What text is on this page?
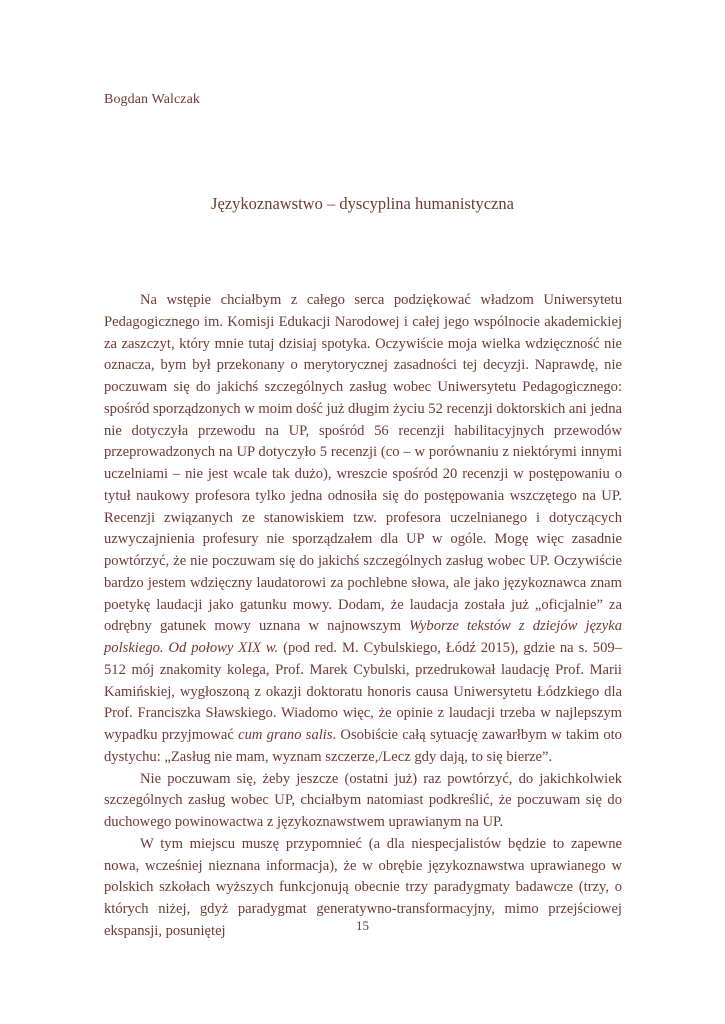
Bogdan Walczak
Językoznawstwo – dyscyplina humanistyczna

Na wstępie chciałbym z całego serca podziękować władzom Uniwersytetu Pedagogicznego im. Komisji Edukacji Narodowej i całej jego wspólnocie akademickiej za zaszczyt, który mnie tutaj dzisiaj spotyka. Oczywiście moja wielka wdzięczność nie oznacza, bym był przekonany o merytorycznej zasadności tej decyzji. Naprawdę, nie poczuwam się do jakichś szczególnych zasług wobec Uniwersytetu Pedagogicznego: spośród sporządzonych w moim dość już długim życiu 52 recenzji doktorskich ani jedna nie dotyczyła przewodu na UP, spośród 56 recenzji habilitacyjnych przewodów przeprowadzonych na UP dotyczyło 5 recenzji (co – w porównaniu z niektórymi innymi uczelniami – nie jest wcale tak dużo), wreszcie spośród 20 recenzji w postępowaniu o tytuł naukowy profesora tylko jedna odnosiła się do postępowania wszczętego na UP. Recenzji związanych ze stanowiskiem tzw. profesora uczelnianego i dotyczących uzwyczajnienia profesury nie sporządzałem dla UP w ogóle. Mogę więc zasadnie powtórzyć, że nie poczuwam się do jakichś szczególnych zasług wobec UP. Oczywiście bardzo jestem wdzięczny laudatorowi za pochlebne słowa, ale jako językoznawca znam poetykę laudacji jako gatunku mowy. Dodam, że laudacja została już „oficjalnie” za odrębny gatunek mowy uznana w najnowszym Wyborze tekstów z dziejów języka polskiego. Od połowy XIX w. (pod red. M. Cybulskiego, Łódź 2015), gdzie na s. 509–512 mój znakomity kolega, Prof. Marek Cybulski, przedrukował laudację Prof. Marii Kamińskiej, wygłoszoną z okazji doktoratu honoris causa Uniwersytetu Łódzkiego dla Prof. Franciszka Sławskiego. Wiadomo więc, że opinie z laudacji trzeba w najlepszym wypadku przyjmować cum grano salis. Osobiście całą sytuację zawarłbym w takim oto dystychu: „Zasług nie mam, wyznam szczerze,/Lecz gdy dają, to się bierze”.

Nie poczuwam się, żeby jeszcze (ostatni już) raz powtórzyć, do jakichkolwiek szczególnych zasług wobec UP, chciałbym natomiast podkreślić, że poczuwam się do duchowego powinowactwa z językoznawstwem uprawianym na UP.

W tym miejscu muszę przypomnieć (a dla niespecjalistów będzie to zapewne nowa, wcześniej nieznana informacja), że w obrębie językoznawstwa uprawianego w polskich szkołach wyższych funkcjonują obecnie trzy paradygmaty badawcze (trzy, o których niżej, gdyż paradygmat generatywno-transformacyjny, mimo przejściowej ekspansji, posuniętej	15
